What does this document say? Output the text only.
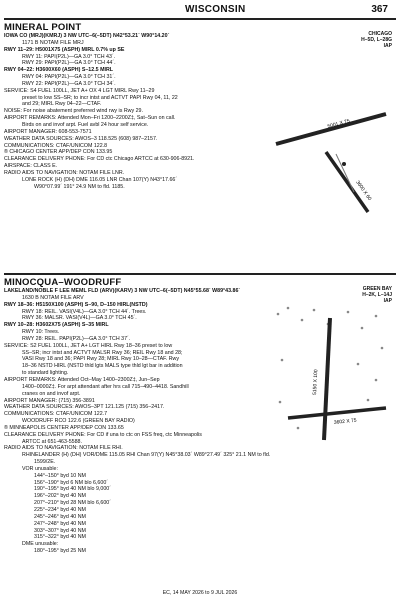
WISCONSIN	367
MINERAL POINT
IOWA CO (MRJ)(KMRJ) 3 NW UTC–6(–5DT) N42°53.21´ W90°14.20´
1171 B NOTAM FILE MRJ
RWY 11–29: H5001X75 (ASPH) MIRL 0.7% up SE
RWY 11: PAPI(P2L)—GA 3.0° TCH 43´.
RWY 29: PAPI(P2L)—GA 3.0° TCH 44´.
RWY 04–22: H3600X60 (ASPH) S–12.5 MIRL
RWY 04: PAPI(P2L)—GA 3.0° TCH 31´.
RWY 22: PAPI(P2L)—GA 3.0° TCH 34´.
SERVICE: S4 FUEL 100LL, JET A+ OX 4 LGT MIRL Rwy 11–29
preset to low SS–SR; to incr intst and ACTVT PAPI Rwy 04, 11, 22
and 29; MIRL Rwy 04–22—CTAF.
NOISE: For noise abatement preferred wind rwy is Rwy 29.
AIRPORT REMARKS: Attended Mon–Fri 1200–2200Z‡, Sat–Sun on call.
Birds on and invof arpt. Fuel avbl 24 hour self service.
AIRPORT MANAGER: 608-553-7571
WEATHER DATA SOURCES: AWOS–3 118.525 (608) 987–2157.
COMMUNICATIONS: CTAF/UNICOM 122.8
® CHICAGO CENTER APP/DEP CON 133.95
CLEARANCE DELIVERY PHONE: For CD ctc Chicago ARTCC at 630-906-8921.
AIRSPACE: CLASS E.
RADIO AIDS TO NAVIGATION: NOTAM FILE LNR.
LONE ROCK (H) (DH) DME 116.05 LNR Chan 107(Y) N43°17.66´
W90°07.99´ 191° 24.9 NM to fld. 1185.
CHICAGO
H–5D, L–28G
IAP
5001 X 75
3600 X 60
MINOCQUA–WOODRUFF
LAKELAND/NOBLE F LEE MEML FLD (ARV)(KARV) 3 NW UTC–6(–5DT) N45°55.68´ W89°43.86´
1630 B NOTAM FILE ARV
RWY 18–36: H5150X100 (ASPH) S–90, D–150 HIRL(NSTD)
RWY 18: REIL. VASI(V4L)—GA 3.0° TCH 44´. Trees.
RWY 36: MALSR. VASI(V4L)—GA 3.0° TCH 45´.
RWY 10–28: H3602X75 (ASPH) S–35 MIRL
RWY 10: Trees.
RWY 28: REIL. PAPI(P2L)—GA 3.0° TCH 37´.
SERVICE: S2 FUEL 100LL, JET A+ LGT HIRL Rwy 18–36 preset to low
SS–SR; incr intst and ACTVT MALSR Rwy 36; REIL Rwy 18 and 28;
VASI Rwy 18 and 36; PAPI Rwy 28; MIRL Rwy 10–28—CTAF. Rwy
18–36 NSTD HIRL (NSTD thld lgts MALS type thld lgt bar in addition
to standard lighting.
AIRPORT REMARKS: Attended Oct–May 1400–2300Z‡, Jun–Sep
1400–0000Z‡. For arpt attendant after hrs call 715–490–4418. Sandhill
cranes on and invof arpt.
AIRPORT MANAGER: (715) 356-3891
WEATHER DATA SOURCES: AWOS–3PT 121.125 (715) 356–2417.
COMMUNICATIONS: CTAF/UNICOM 122.7
WOODRUFF RCO 122.6 (GREEN BAY RADIO)
® MINNEAPOLIS CENTER APP/DEP CON 133.65
CLEARANCE DELIVERY PHONE: For CD if una to ctc on FSS freq, ctc Minneapolis
ARTCC at 651-463-5588.
RADIO AIDS TO NAVIGATION: NOTAM FILE RHI.
RHINELANDER (H) (DH) VOR/DME 115.05 RHI Chan 97(Y) N45°38.03´ W89°27.49´ 325° 21.1 NM to fld.
1599/2E.
VOR unusable:
144°–150° byd 10 NM
156°–190° byd 6 NM blo 6,600´
190°–195° byd 40 NM blo 9,000´
196°–202° byd 40 NM
207°–210° byd 28 NM blo 6,600´
225°–234° byd 40 NM
245°–246° byd 40 NM
247°–248° byd 40 NM
303°–307° byd 40 NM
315°–322° byd 40 NM
DME unusable:
180°–195° byd 25 NM
GREEN BAY
H–2K, L–14J
IAP
5150 X 100
3602 X 75
EC, 14 MAY 2026 to 9 JUL 2026
